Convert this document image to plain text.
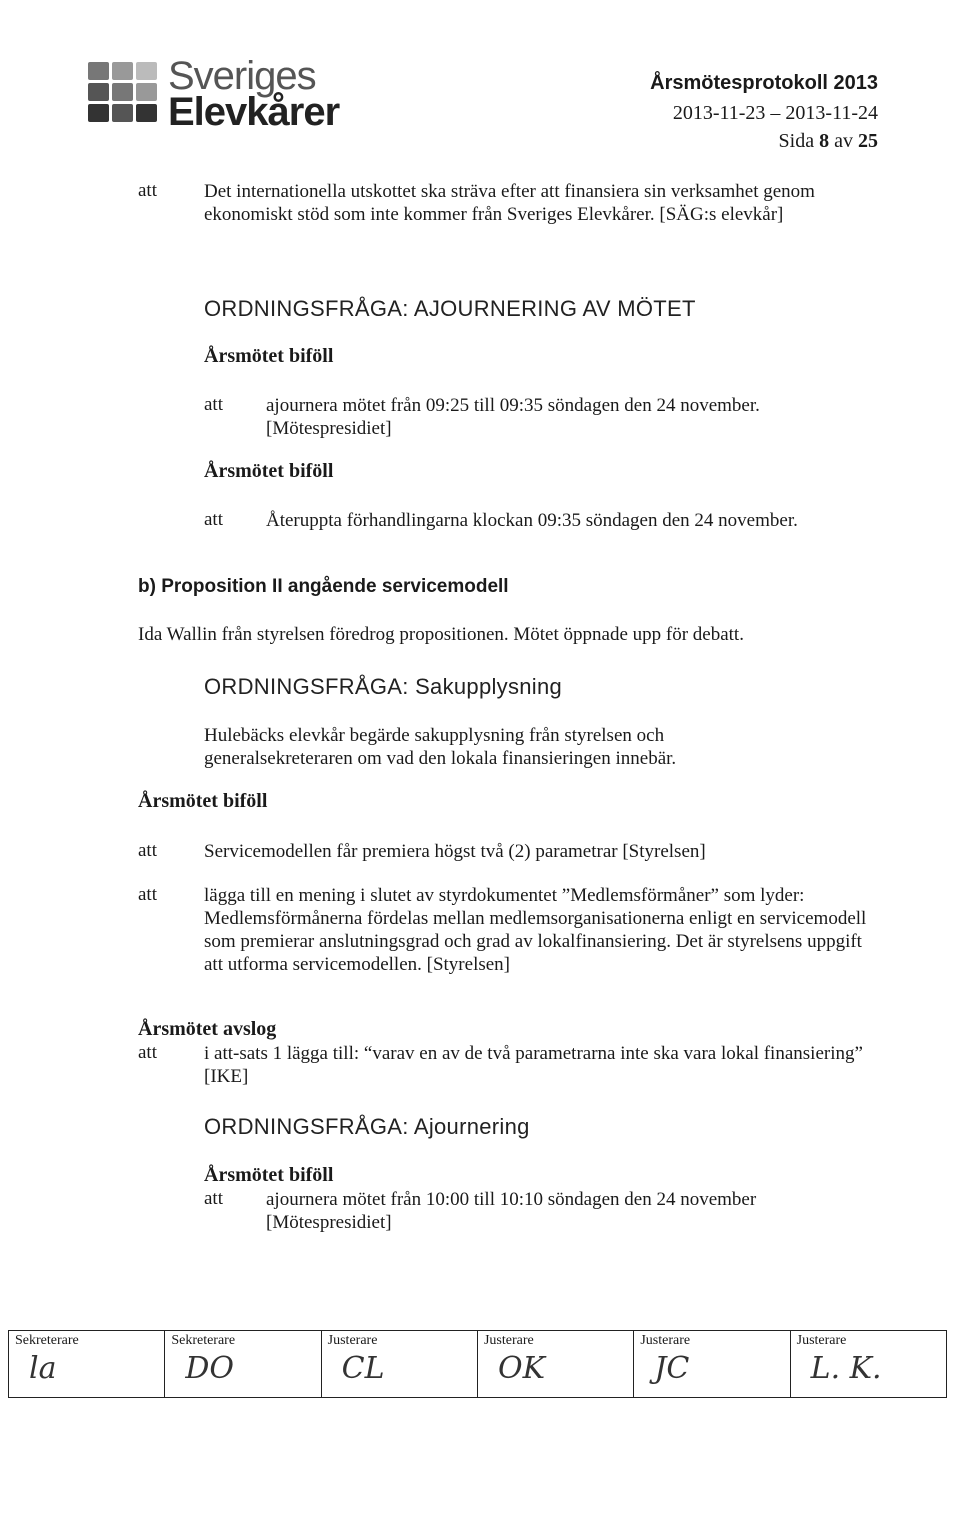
Sveriges
Elevkårer
Årsmötesprotokoll 2013
2013-11-23 – 2013-11-24
Sida 8 av 25
att Det internationella utskottet ska sträva efter att finansiera sin verksamhet genom ekonomiskt stöd som inte kommer från Sveriges Elevkårer. [SÄG:s elevkår]
ORDNINGSFRÅGA: AJOURNERING AV MÖTET
Årsmötet biföll
att ajournera mötet från 09:25 till 09:35 söndagen den 24 november. [Mötespresidiet]
Årsmötet biföll
att Återuppta förhandlingarna klockan 09:35 söndagen den 24 november.
b) Proposition II angående servicemodell
Ida Wallin från styrelsen föredrog propositionen. Mötet öppnade upp för debatt.
ORDNINGSFRÅGA: Sakupplysning
Hulebäcks elevkår begärde sakupplysning från styrelsen och generalsekreteraren om vad den lokala finansieringen innebär.
Årsmötet biföll
att Servicemodellen får premiera högst två (2) parametrar [Styrelsen]
att lägga till en mening i slutet av styrdokumentet ”Medlemsförmåner” som lyder: Medlemsförmånerna fördelas mellan medlemsorganisationerna enligt en servicemodell som premierar anslutningsgrad och grad av lokalfinansiering. Det är styrelsens uppgift att utforma servicemodellen. [Styrelsen]
Årsmötet avslog
att i att-sats 1 lägga till: “varav en av de två parametrarna inte ska vara lokal finansiering” [IKE]
ORDNINGSFRÅGA: Ajournering
Årsmötet biföll
att ajournera mötet från 10:00 till 10:10 söndagen den 24 november [Mötespresidiet]
Sekreterare
la

Sekreterare
DO

Justerare
CL

Justerare
OK

Justerare
JC

Justerare
L. K.
